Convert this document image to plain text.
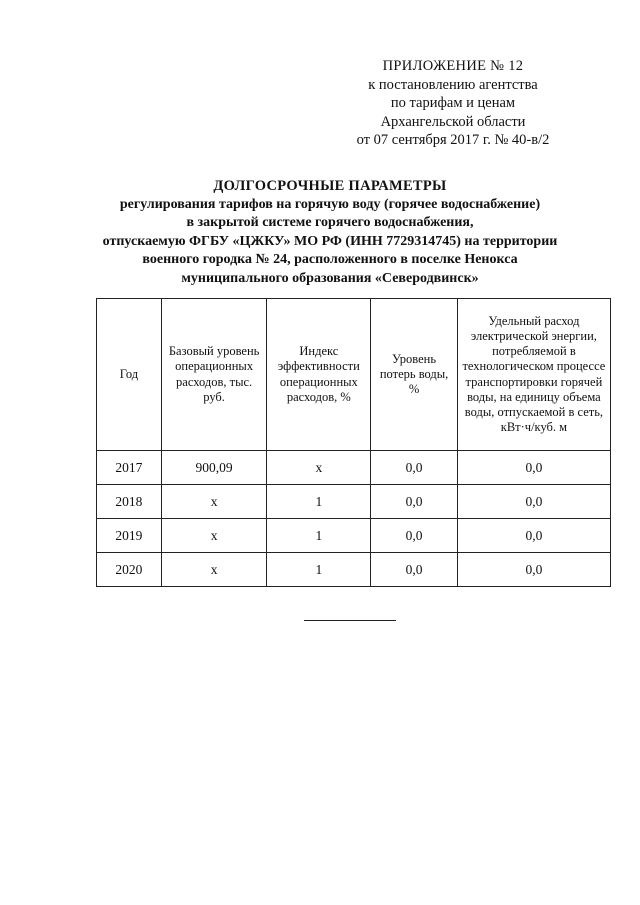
ПРИЛОЖЕНИЕ № 12
к постановлению агентства
по тарифам и ценам
Архангельской области
от 07 сентября 2017 г. № 40-в/2
ДОЛГОСРОЧНЫЕ ПАРАМЕТРЫ
регулирования тарифов на горячую воду (горячее водоснабжение)
в закрытой системе горячего водоснабжения,
отпускаемую ФГБУ «ЦЖКУ» МО РФ (ИНН 7729314745) на территории
военного городка № 24, расположенного в поселке Ненокса
муниципального образования «Северодвинск»
Год	Базовый уровень операционных расходов, тыс. руб.	Индекс эффективности операционных расходов, %	Уровень потерь воды, %	Удельный расход электрической энергии, потребляемой в технологическом процессе транспортировки горячей воды, на единицу объема воды, отпускаемой в сеть, кВт·ч/куб. м
2017	900,09	х	0,0	0,0
2018	х	1	0,0	0,0
2019	х	1	0,0	0,0
2020	х	1	0,0	0,0
